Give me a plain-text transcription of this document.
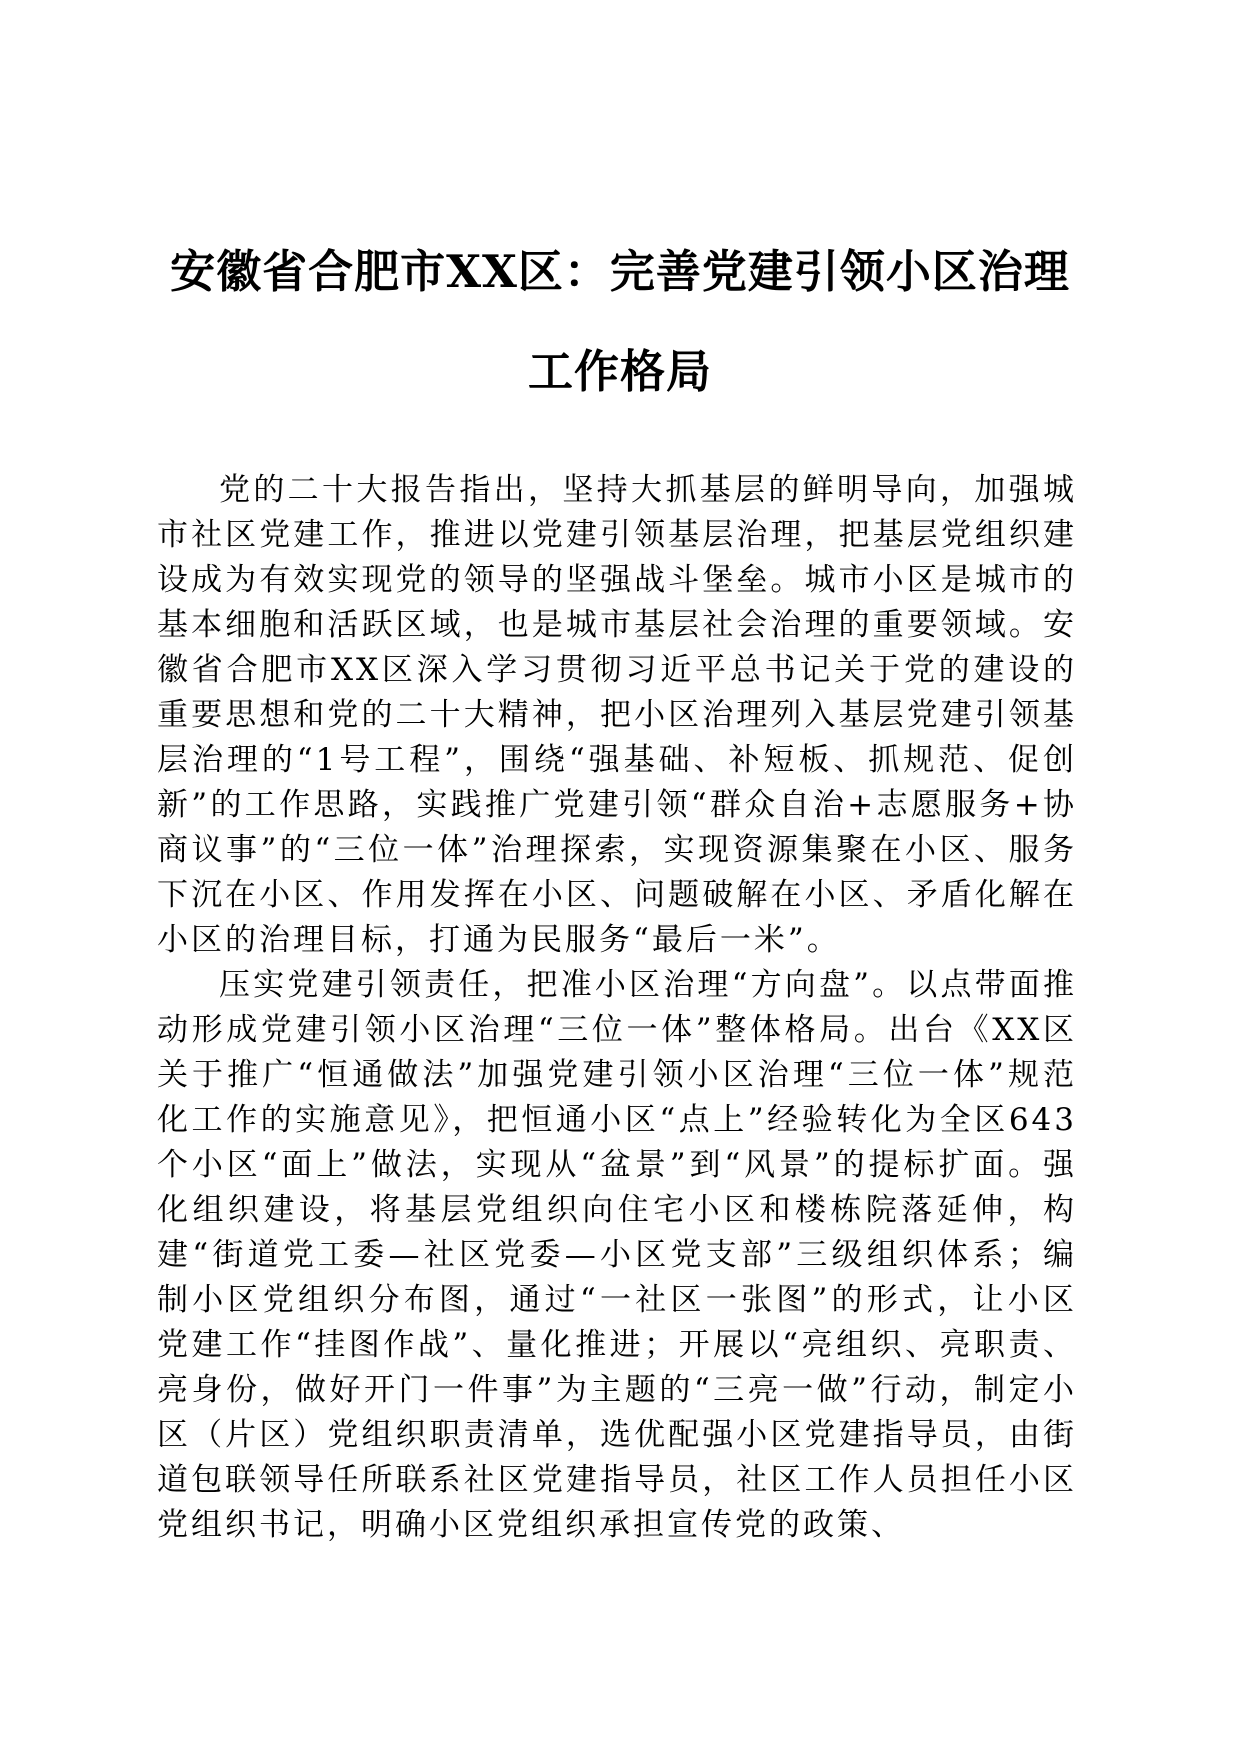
安徽省合肥市XX区：完善党建引领小区治理
工作格局

党的二十大报告指出，坚持大抓基层的鲜明导向，加强城市社区党建工作，推进以党建引领基层治理，把基层党组织建设成为有效实现党的领导的坚强战斗堡垒。城市小区是城市的基本细胞和活跃区域，也是城市基层社会治理的重要领域。安徽省合肥市XX区深入学习贯彻习近平总书记关于党的建设的重要思想和党的二十大精神，把小区治理列入基层党建引领基层治理的“1号工程”，围绕“强基础、补短板、抓规范、促创新”的工作思路，实践推广党建引领“群众自治+志愿服务+协商议事”的“三位一体”治理探索，实现资源集聚在小区、服务下沉在小区、作用发挥在小区、问题破解在小区、矛盾化解在小区的治理目标，打通为民服务“最后一米”。

压实党建引领责任，把准小区治理“方向盘”。以点带面推动形成党建引领小区治理“三位一体”整体格局。出台《XX区关于推广“恒通做法”加强党建引领小区治理“三位一体”规范化工作的实施意见》，把恒通小区“点上”经验转化为全区643个小区“面上”做法，实现从“盆景”到“风景”的提标扩面。强化组织建设，将基层党组织向住宅小区和楼栋院落延伸，构建“街道党工委—社区党委—小区党支部”三级组织体系；编制小区党组织分布图，通过“一社区一张图”的形式，让小区党建工作“挂图作战”、量化推进；开展以“亮组织、亮职责、亮身份，做好开门一件事”为主题的“三亮一做”行动，制定小区（片区）党组织职责清单，选优配强小区党建指导员，由街道包联领导任所联系社区党建指导员，社区工作人员担任小区党组织书记，明确小区党组织承担宣传党的政策、
